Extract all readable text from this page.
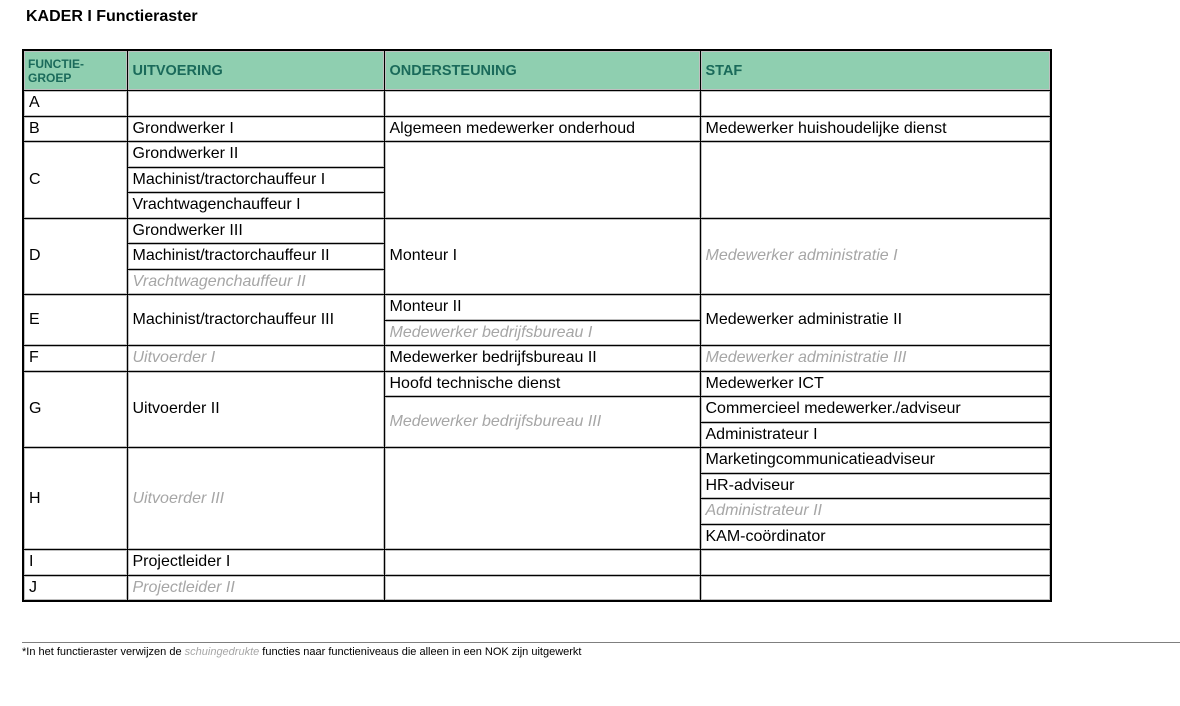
KADER I Functieraster
FUNCTIE-
GROEP	UITVOERING	ONDERSTEUNING	STAF
A			
B	Grondwerker I	Algemeen medewerker onderhoud	Medewerker huishoudelijke dienst
C	Grondwerker II		
	Machinist/tractorchauffeur I		
	Vrachtwagenchauffeur I		
D	Grondwerker III	Monteur I	Medewerker administratie I
	Machinist/tractorchauffeur II		
	Vrachtwagenchauffeur II		
E	Machinist/tractorchauffeur III	Monteur II	Medewerker administratie II
		Medewerker bedrijfsbureau I	
F	Uitvoerder I	Medewerker bedrijfsbureau II	Medewerker administratie III
G	Uitvoerder II	Hoofd technische dienst	Medewerker ICT
		Medewerker bedrijfsbureau III	Commercieel medewerker./adviseur
			Administrateur I
H	Uitvoerder III		Marketingcommunicatieadviseur
			HR-adviseur
			Administrateur II
			KAM-coördinator
I	Projectleider I		
J	Projectleider II		
*In het functieraster verwijzen de schuingedrukte functies naar functieniveaus die alleen in een NOK zijn uitgewerkt
